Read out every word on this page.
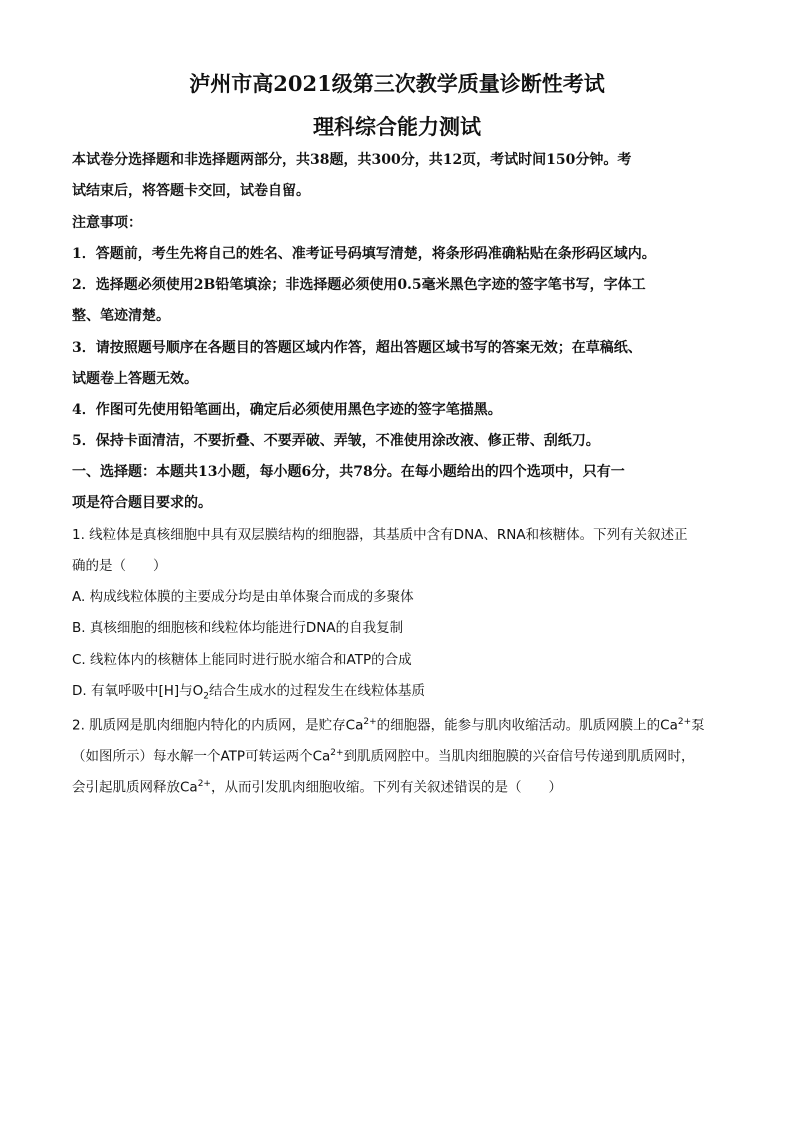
泸州市高2021级第三次教学质量诊断性考试
理科综合能力测试
本试卷分选择题和非选择题两部分，共38题，共300分，共12页，考试时间150分钟。考
试结束后，将答题卡交回，试卷自留。
注意事项：
1．答题前，考生先将自己的姓名、准考证号码填写清楚，将条形码准确粘贴在条形码区域内。
2．选择题必须使用2B铅笔填涂；非选择题必须使用0.5毫米黑色字迹的签字笔书写，字体工
整、笔迹清楚。
3．请按照题号顺序在各题目的答题区域内作答，超出答题区域书写的答案无效；在草稿纸、
试题卷上答题无效。
4．作图可先使用铅笔画出，确定后必须使用黑色字迹的签字笔描黑。
5．保持卡面清洁，不要折叠、不要弄破、弄皱，不准使用涂改液、修正带、刮纸刀。
一、选择题：本题共13小题，每小题6分，共78分。在每小题给出的四个选项中，只有一
项是符合题目要求的。
1. 线粒体是真核细胞中具有双层膜结构的细胞器，其基质中含有DNA、RNA和核糖体。下列有关叙述正
确的是（　　）
A. 构成线粒体膜的主要成分均是由单体聚合而成的多聚体
B. 真核细胞的细胞核和线粒体均能进行DNA的自我复制
C. 线粒体内的核糖体上能同时进行脱水缩合和ATP的合成
D. 有氧呼吸中[H]与$O_2$结合生成水的过程发生在线粒体基质
2. 肌质网是肌肉细胞内特化的内质网，是贮存$Ca^{2+}$的细胞器，能参与肌肉收缩活动。肌质网膜上的$Ca^{2+}$泵
（如图所示）每水解一个ATP可转运两个$Ca^{2+}$到肌质网腔中。当肌肉细胞膜的兴奋信号传递到肌质网时，
会引起肌质网释放$Ca^{2+}$，从而引发肌肉细胞收缩。下列有关叙述错误的是（　　）
